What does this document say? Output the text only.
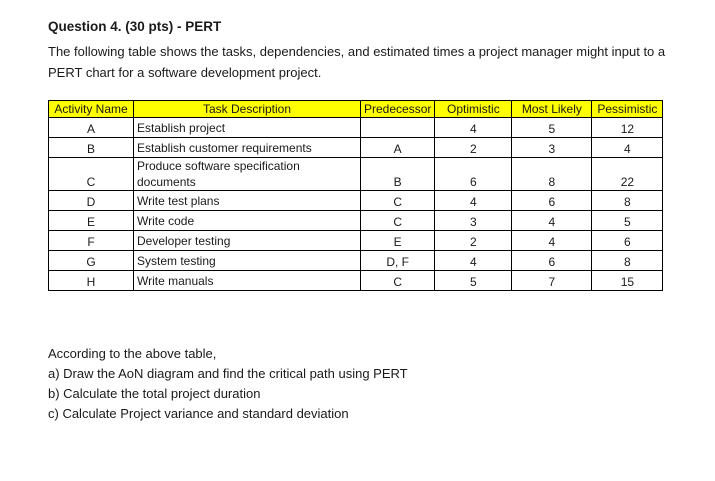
Question 4. (30 pts) - PERT
The following table shows the tasks, dependencies, and estimated times a project manager might input to a PERT chart for a software development project.
Activity Name	Task Description	Predecessor	Optimistic	Most Likely	Pessimistic
A	Establish project		4	5	12
B	Establish customer requirements	A	2	3	4
C	Produce software specification documents	B	6	8	22
D	Write test plans	C	4	6	8
E	Write code	C	3	4	5
F	Developer testing	E	2	4	6
G	System testing	D, F	4	6	8
H	Write manuals	C	5	7	15

According to the above table,

a) Draw the AoN diagram and find the critical path using PERT

b) Calculate the total project duration

c) Calculate Project variance and standard deviation
